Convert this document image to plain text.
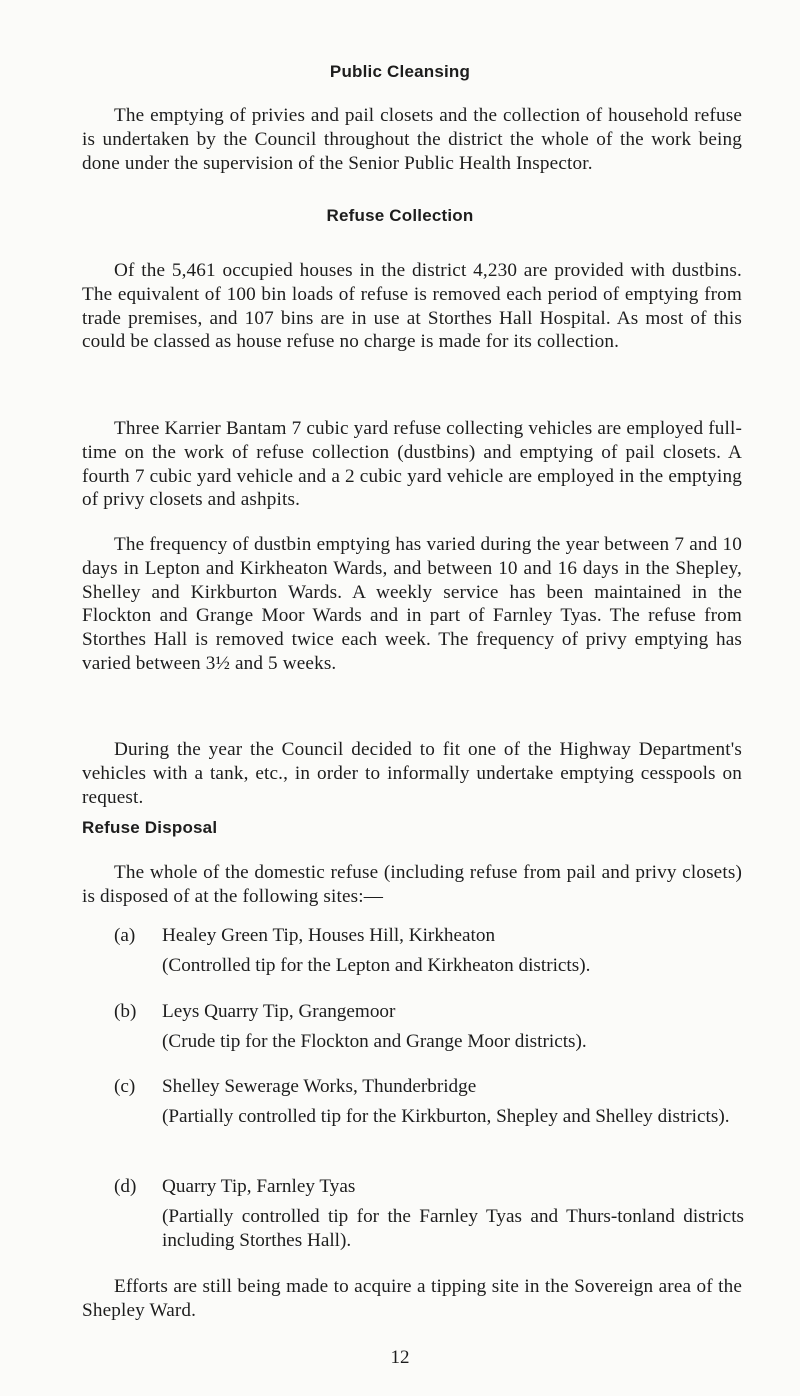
Public Cleansing
The emptying of privies and pail closets and the collection of household refuse is undertaken by the Council throughout the district the whole of the work being done under the supervision of the Senior Public Health Inspector.
Refuse Collection
Of the 5,461 occupied houses in the district 4,230 are provided with dustbins. The equivalent of 100 bin loads of refuse is removed each period of emptying from trade premises, and 107 bins are in use at Storthes Hall Hospital. As most of this could be classed as house refuse no charge is made for its collection.
Three Karrier Bantam 7 cubic yard refuse collecting vehicles are employed full-time on the work of refuse collection (dustbins) and emptying of pail closets. A fourth 7 cubic yard vehicle and a 2 cubic yard vehicle are employed in the emptying of privy closets and ashpits.
The frequency of dustbin emptying has varied during the year between 7 and 10 days in Lepton and Kirkheaton Wards, and between 10 and 16 days in the Shepley, Shelley and Kirkburton Wards. A weekly service has been maintained in the Flockton and Grange Moor Wards and in part of Farnley Tyas. The refuse from Storthes Hall is removed twice each week. The frequency of privy emptying has varied between 3½ and 5 weeks.
During the year the Council decided to fit one of the Highway Department's vehicles with a tank, etc., in order to informally undertake emptying cesspools on request.
Refuse Disposal
The whole of the domestic refuse (including refuse from pail and privy closets) is disposed of at the following sites:—
(a)	Healey Green Tip, Houses Hill, Kirkheaton
(Controlled tip for the Lepton and Kirkheaton districts).
(b)	Leys Quarry Tip, Grangemoor
(Crude tip for the Flockton and Grange Moor districts).
(c)	Shelley Sewerage Works, Thunderbridge
(Partially controlled tip for the Kirkburton, Shepley and Shelley districts).
(d)	Quarry Tip, Farnley Tyas
(Partially controlled tip for the Farnley Tyas and Thurs-tonland districts including Storthes Hall).
Efforts are still being made to acquire a tipping site in the Sovereign area of the Shepley Ward.
12
